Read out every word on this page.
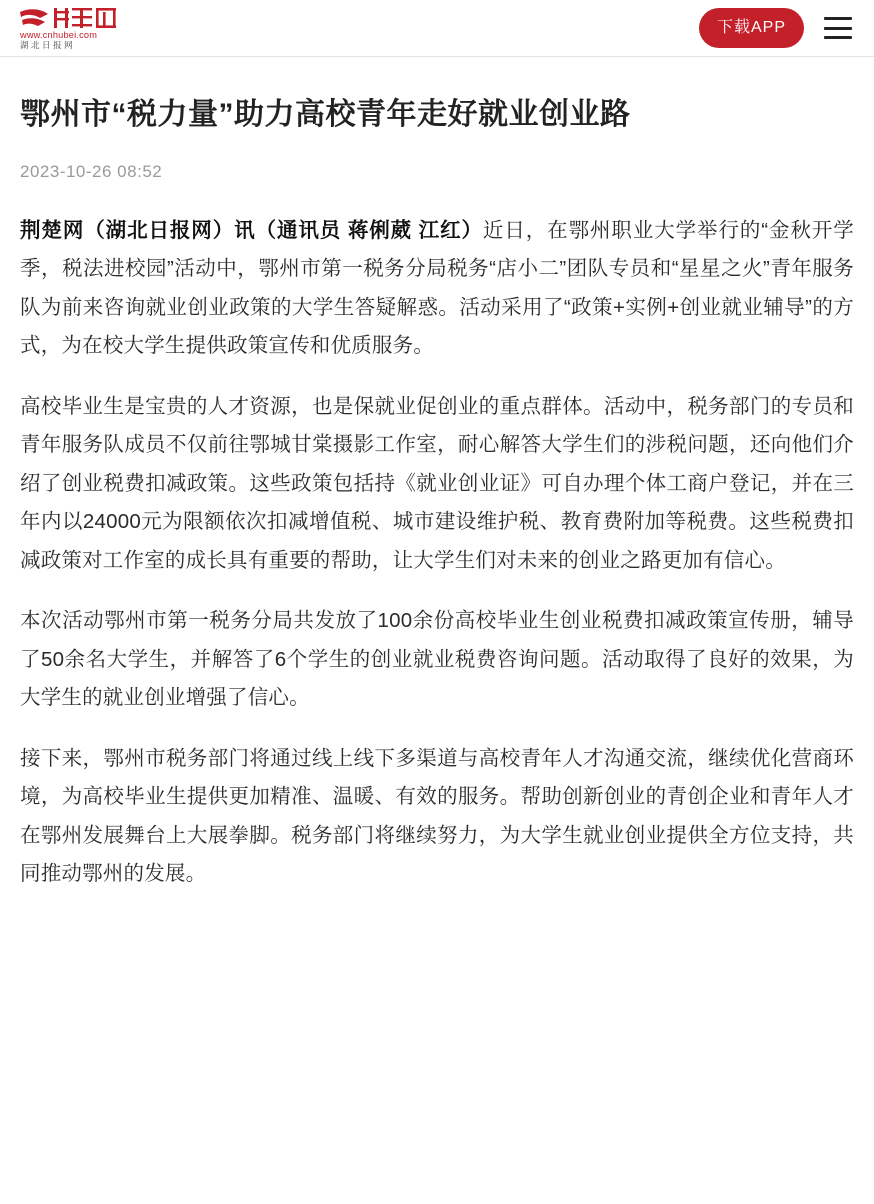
www.cnhubei.com
湖北日报网
下载APP
鄂州市“税力量”助力高校青年走好就业创业路
2023-10-26 08:52

荆楚网（湖北日报网）讯（通讯员 蒋俐葳 江红）近日，在鄂州职业大学举行的“金秋开学季，税法进校园”活动中，鄂州市第一税务分局税务“店小二”团队专员和“星星之火”青年服务队为前来咨询就业创业政策的大学生答疑解惑。活动采用了“政策+实例+创业就业辅导”的方式，为在校大学生提供政策宣传和优质服务。

高校毕业生是宝贵的人才资源，也是保就业促创业的重点群体。活动中，税务部门的专员和青年服务队成员不仅前往鄂城甘棠摄影工作室，耐心解答大学生们的涉税问题，还向他们介绍了创业税费扣减政策。这些政策包括持《就业创业证》可自办理个体工商户登记，并在三年内以24000元为限额依次扣减增值税、城市建设维护税、教育费附加等税费。这些税费扣减政策对工作室的成长具有重要的帮助，让大学生们对未来的创业之路更加有信心。

本次活动鄂州市第一税务分局共发放了100余份高校毕业生创业税费扣减政策宣传册，辅导了50余名大学生，并解答了6个学生的创业就业税费咨询问题。活动取得了良好的效果，为大学生的就业创业增强了信心。

接下来，鄂州市税务部门将通过线上线下多渠道与高校青年人才沟通交流，继续优化营商环境，为高校毕业生提供更加精准、温暖、有效的服务。帮助创新创业的青创企业和青年人才在鄂州发展舞台上大展拳脚。税务部门将继续努力，为大学生就业创业提供全方位支持，共同推动鄂州的发展。
